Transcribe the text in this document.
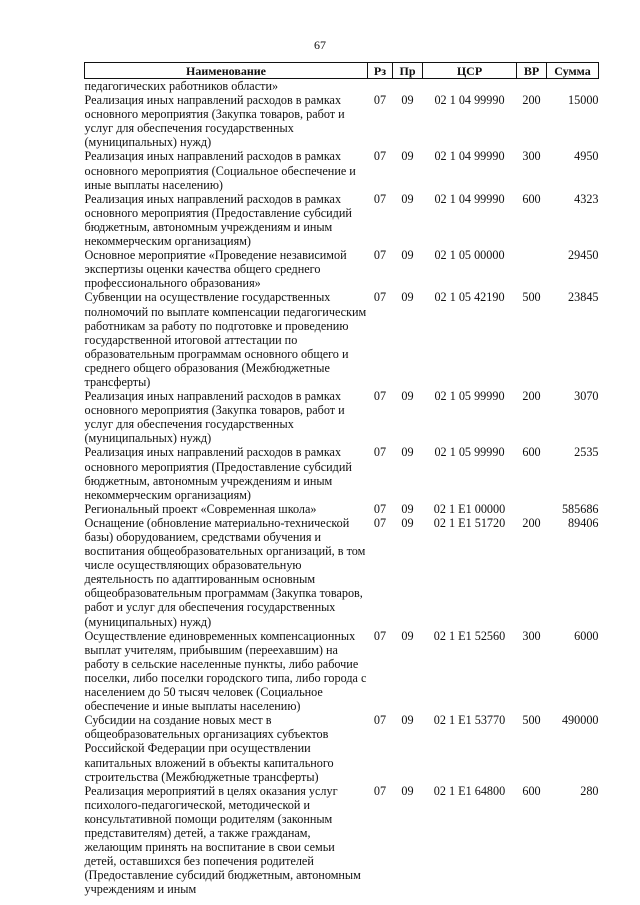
67
Наименование	Рз	Пр	ЦСР	ВР	Сумма
педагогических работников области»					
Реализация иных направлений расходов в рамках основного мероприятия (Закупка товаров, работ и услуг для обеспечения государственных (муниципальных) нужд)	07	09	02 1 04 99990	200	15000
Реализация иных направлений расходов в рамках основного мероприятия (Социальное обеспечение и иные выплаты населению)	07	09	02 1 04 99990	300	4950
Реализация иных направлений расходов в рамках основного мероприятия (Предоставление субсидий бюджетным, автономным учреждениям и иным некоммерческим организациям)	07	09	02 1 04 99990	600	4323
Основное мероприятие «Проведение независимой экспертизы оценки качества общего среднего профессионального образования»	07	09	02 1 05 00000		29450
Субвенции на осуществление государственных полномочий по выплате компенсации педагогическим работникам за работу по подготовке и проведению государственной итоговой аттестации по образовательным программам основного общего и среднего общего образования (Межбюджетные трансферты)	07	09	02 1 05 42190	500	23845
Реализация иных направлений расходов в рамках основного мероприятия (Закупка товаров, работ и услуг для обеспечения государственных (муниципальных) нужд)	07	09	02 1 05 99990	200	3070
Реализация иных направлений расходов в рамках основного мероприятия (Предоставление субсидий бюджетным, автономным учреждениям и иным некоммерческим организациям)	07	09	02 1 05 99990	600	2535
Региональный проект «Современная школа»	07	09	02 1 E1 00000		585686
Оснащение (обновление материально-технической базы) оборудованием, средствами обучения и воспитания общеобразовательных организаций, в том числе осуществляющих образовательную деятельность по адаптированным основным общеобразовательным программам (Закупка товаров, работ и услуг для обеспечения государственных (муниципальных) нужд)	07	09	02 1 E1 51720	200	89406
Осуществление единовременных компенсационных выплат учителям, прибывшим (переехавшим) на работу в сельские населенные пункты, либо рабочие поселки, либо поселки городского типа, либо города с населением до 50 тысяч человек (Социальное обеспечение и иные выплаты населению)	07	09	02 1 E1 52560	300	6000
Субсидии на создание новых мест в общеобразовательных организациях субъектов Российской Федерации при осуществлении капитальных вложений в объекты капитального строительства (Межбюджетные трансферты)	07	09	02 1 E1 53770	500	490000
Реализация мероприятий в целях оказания услуг психолого-педагогической, методической и консультативной помощи родителям (законным представителям) детей, а также гражданам, желающим принять на воспитание в свои семьи детей, оставшихся без попечения родителей (Предоставление субсидий бюджетным, автономным учреждениям и иным	07	09	02 1 E1 64800	600	280
